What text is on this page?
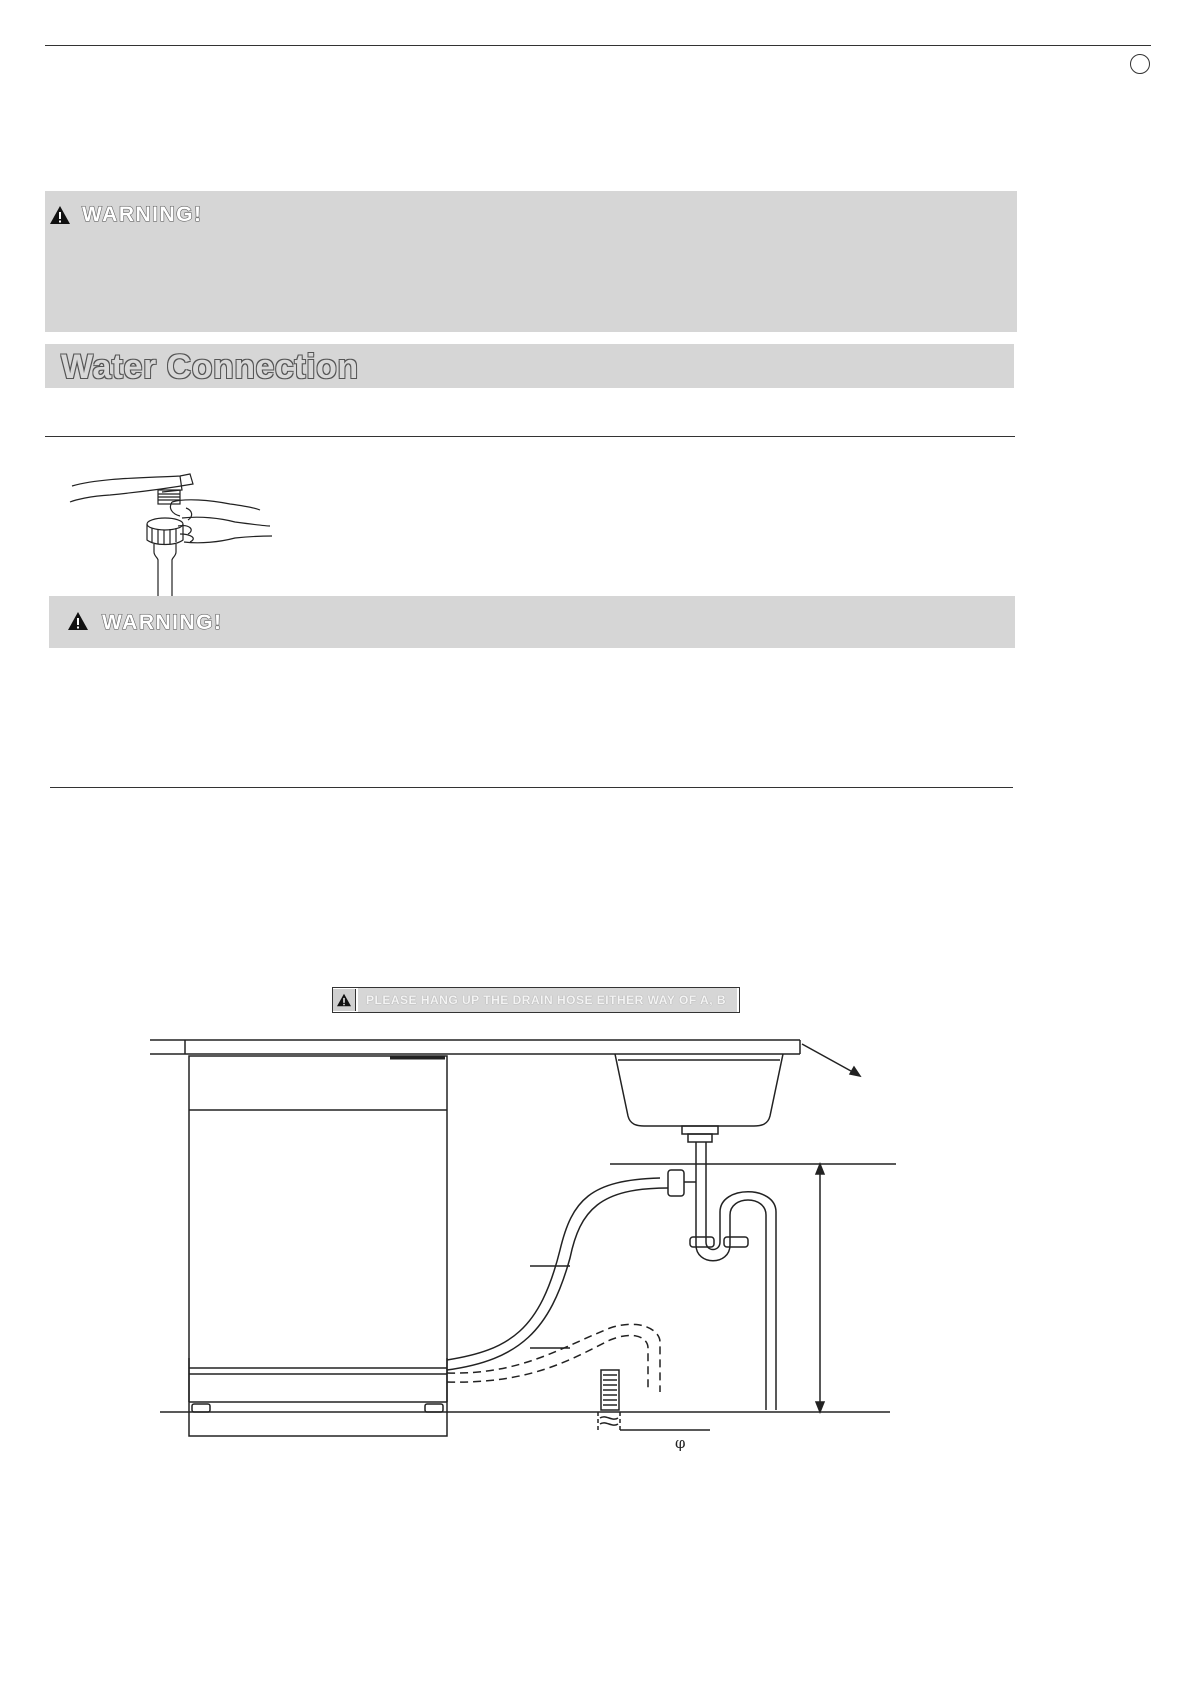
WARNING!
Water Connection
WARNING!
PLEASE HANG UP THE DRAIN HOSE EITHER WAY OF A, B
φ
